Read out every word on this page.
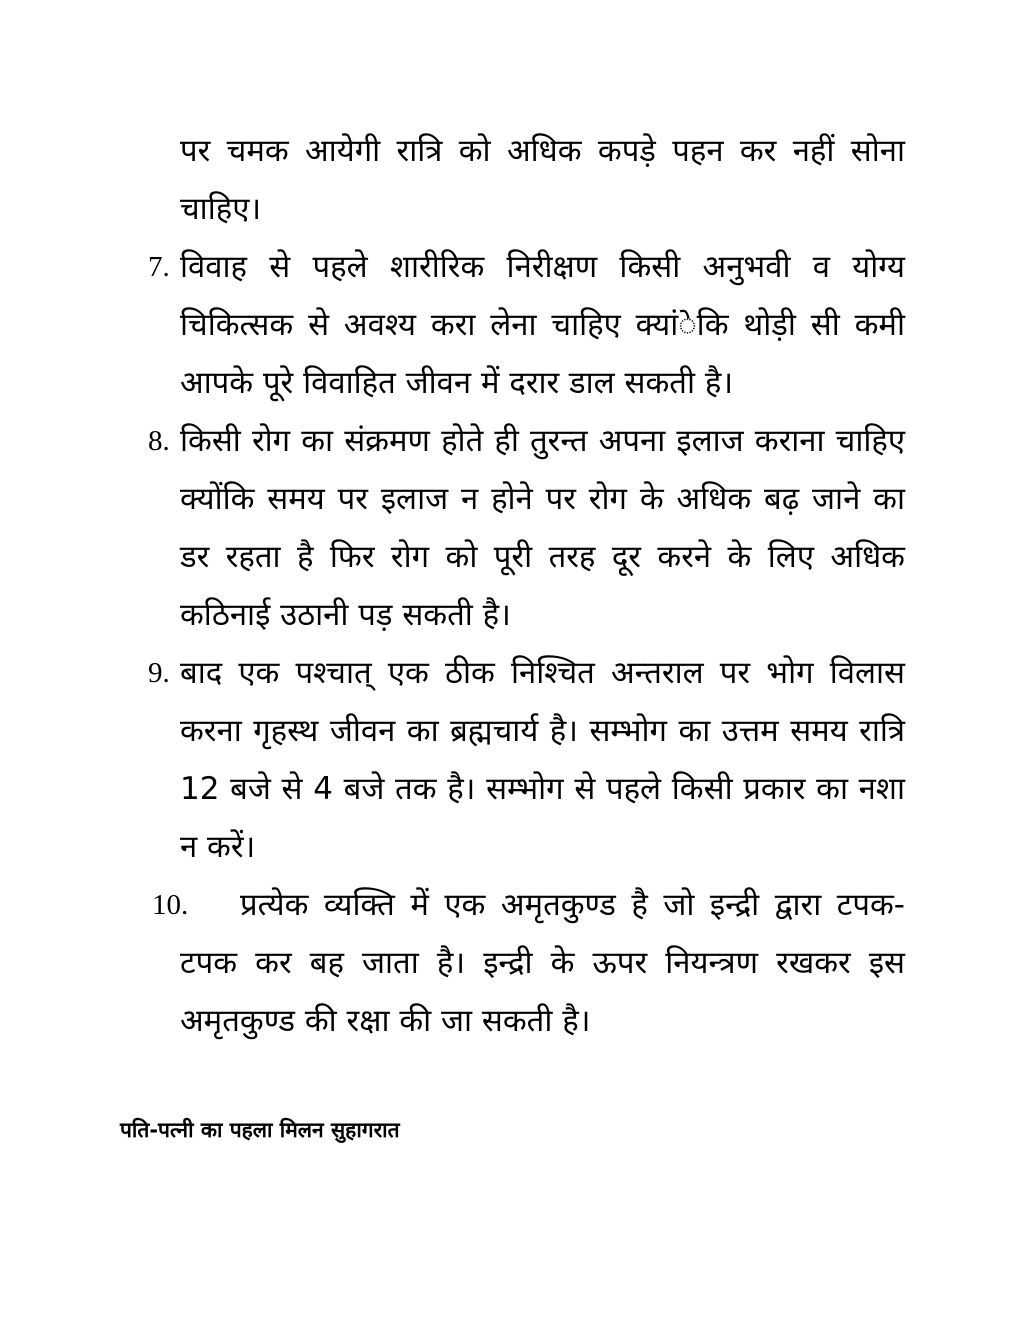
पर चमक आयेगी रात्रि को अधिक कपड़े पहन कर नहीं सोना चाहिए।

7. विवाह से पहले शारीरिक निरीक्षण किसी अनुभवी व योग्य चिकित्सक से अवश्य करा लेना चाहिए क्यांेकि थोड़ी सी कमी आपके पूरे विवाहित जीवन में दरार डाल सकती है।
8. किसी रोग का संक्रमण होते ही तुरन्त अपना इलाज कराना चाहिए क्योंकि समय पर इलाज न होने पर रोग के अधिक बढ़ जाने का डर रहता है फिर रोग को पूरी तरह दूर करने के लिए अधिक कठिनाई उठानी पड़ सकती है।
9. बाद एक पश्चात् एक ठीक निश्चित अन्तराल पर भोग विलास करना गृहस्थ जीवन का ब्रह्मचार्य है। सम्भोग का उत्तम समय रात्रि 12 बजे से 4 बजे तक है। सम्भोग से पहले किसी प्रकार का नशा न करें।
10. प्रत्येक व्यक्ति में एक अमृतकुण्ड है जो इन्द्री द्वारा टपक-टपक कर बह जाता है। इन्द्री के ऊपर नियन्त्रण रखकर इस अमृतकुण्ड की रक्षा की जा सकती है।

पति-पत्नी का पहला मिलन सुहागरात
